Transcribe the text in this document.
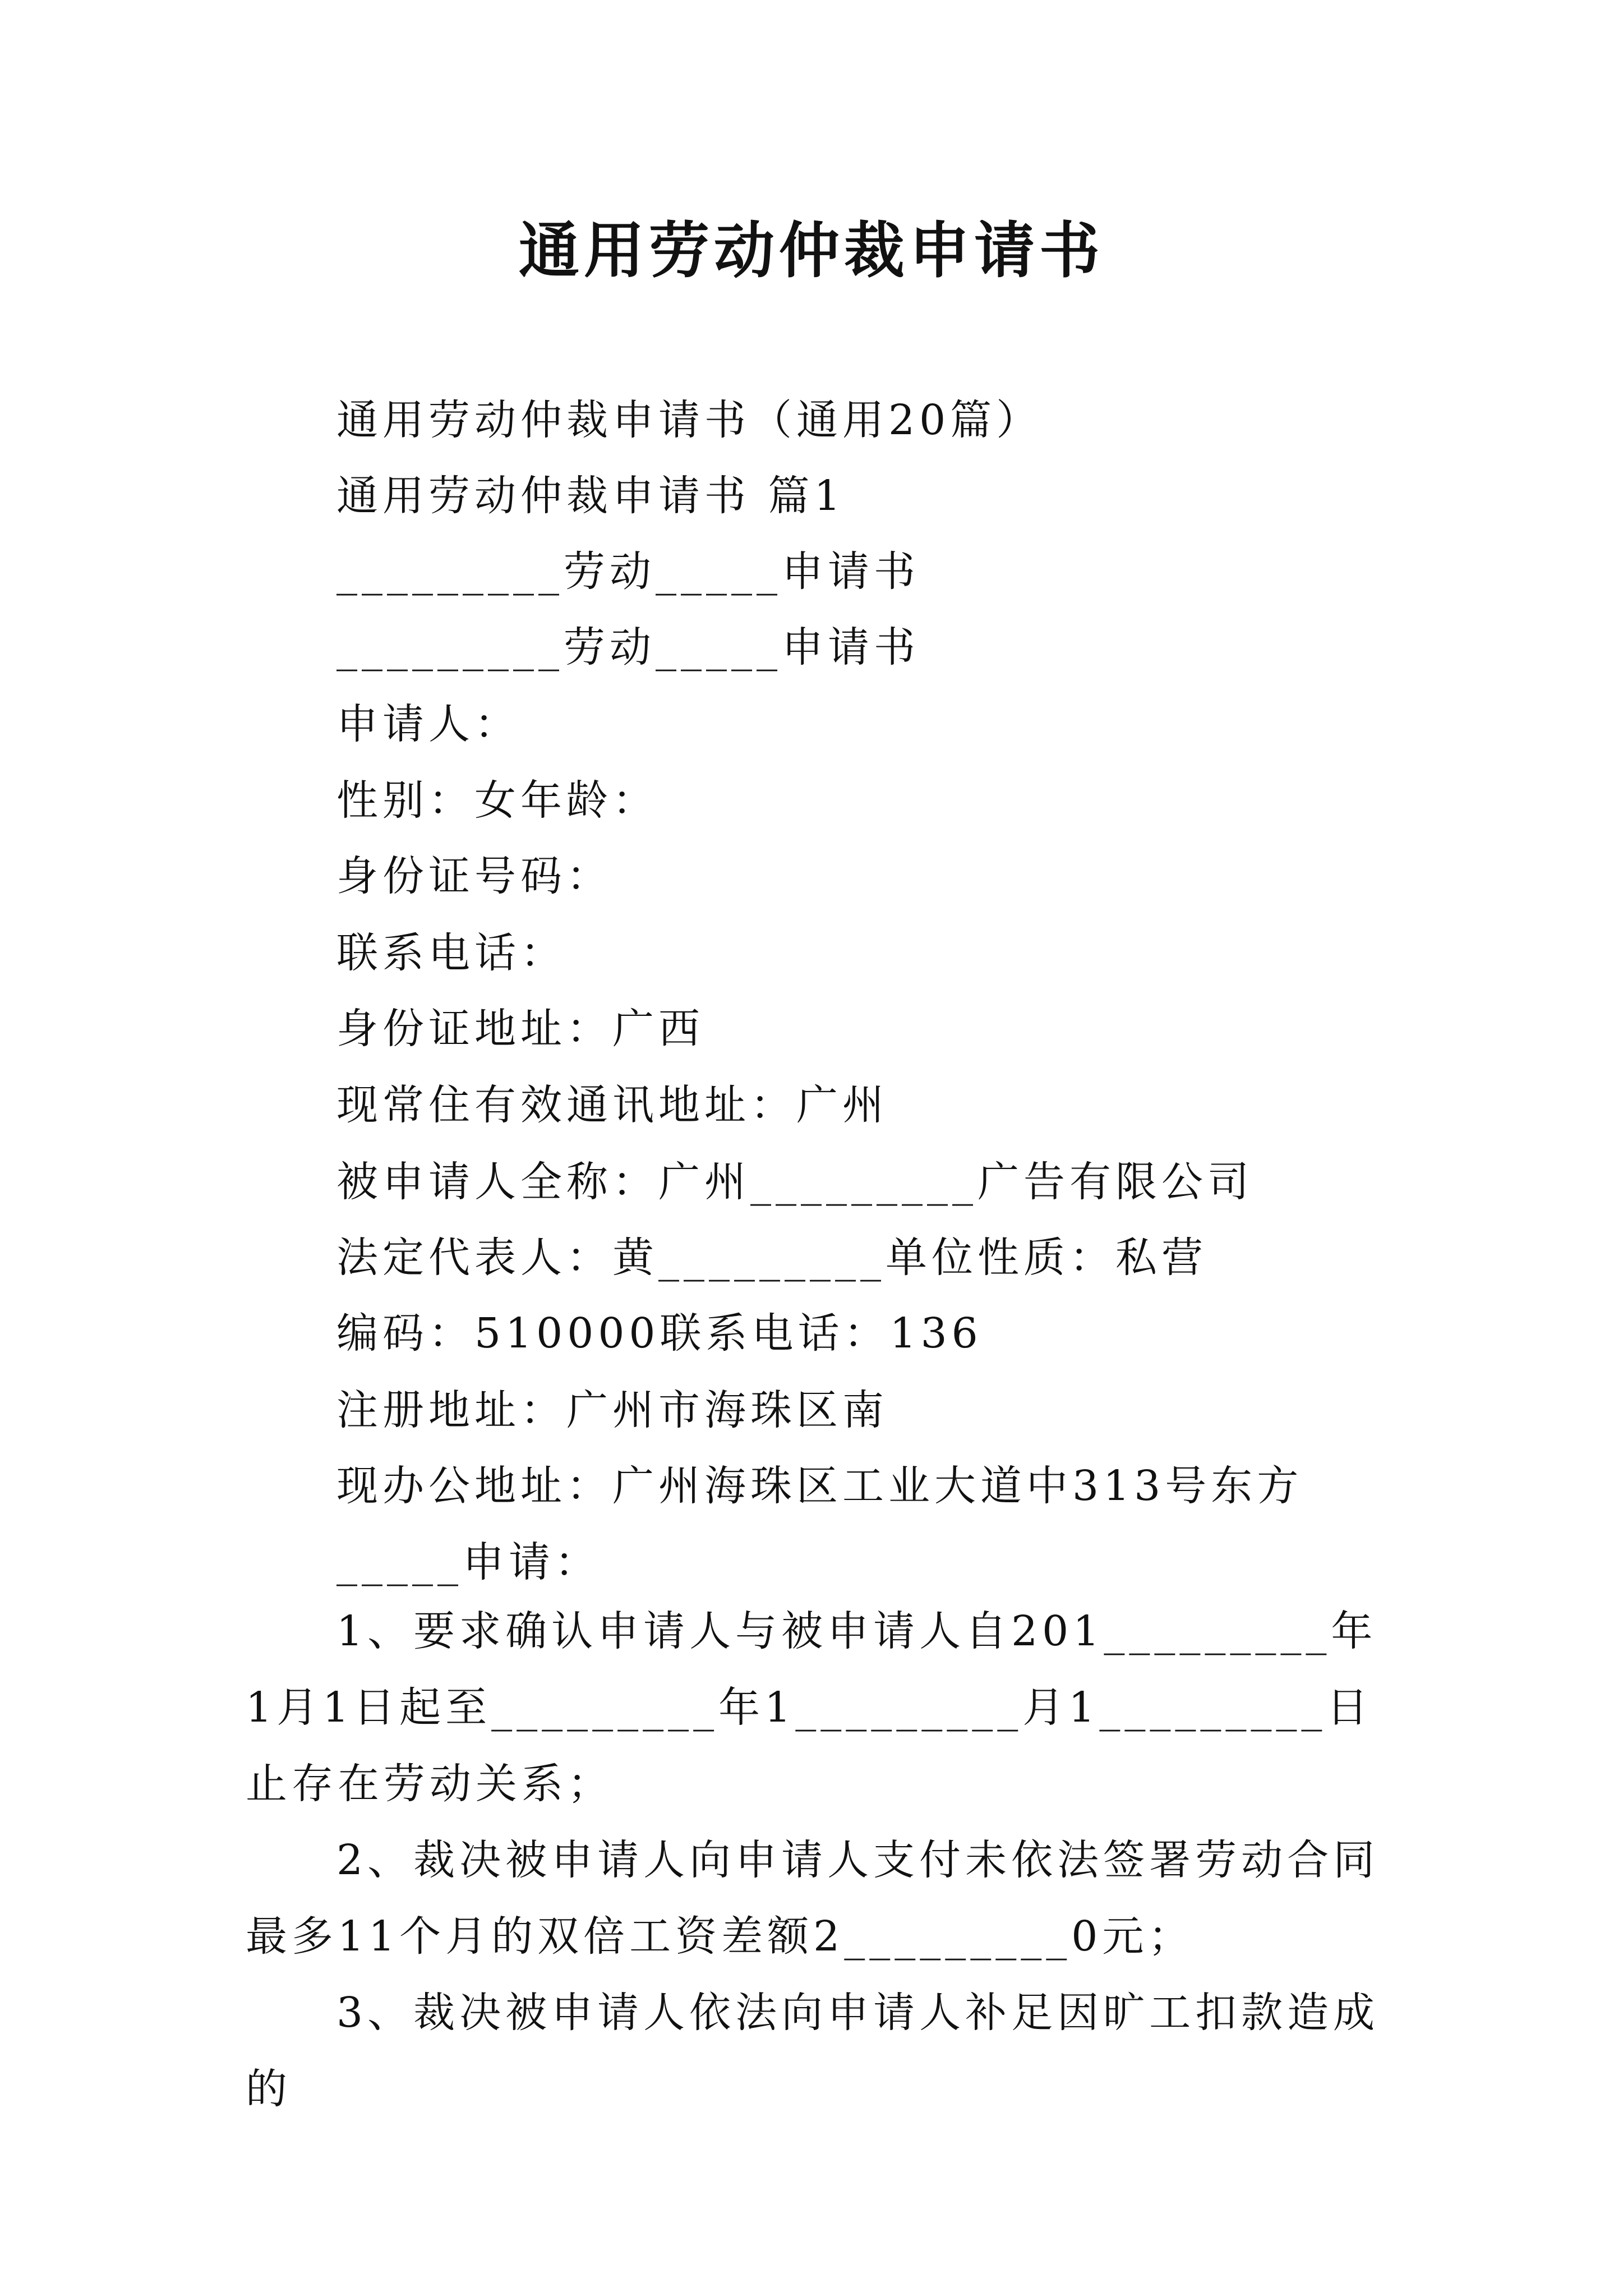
通用劳动仲裁申请书
通用劳动仲裁申请书（通用20篇）
通用劳动仲裁申请书 篇1
_________劳动_____申请书
_________劳动_____申请书
申请人：
性别：女年龄：
身份证号码：
联系电话：
身份证地址：广西
现常住有效通讯地址：广州
被申请人全称：广州_________广告有限公司
法定代表人：黄_________单位性质：私营
编码：510000联系电话：136
注册地址：广州市海珠区南
现办公地址：广州海珠区工业大道中313号东方
_____申请：
1、要求确认申请人与被申请人自201_________年1月1日起至_________年1_________月1_________日止存在劳动关系；
2、裁决被申请人向申请人支付未依法签署劳动合同最多11个月的双倍工资差额2_________0元；
3、裁决被申请人依法向申请人补足因旷工扣款造成的
